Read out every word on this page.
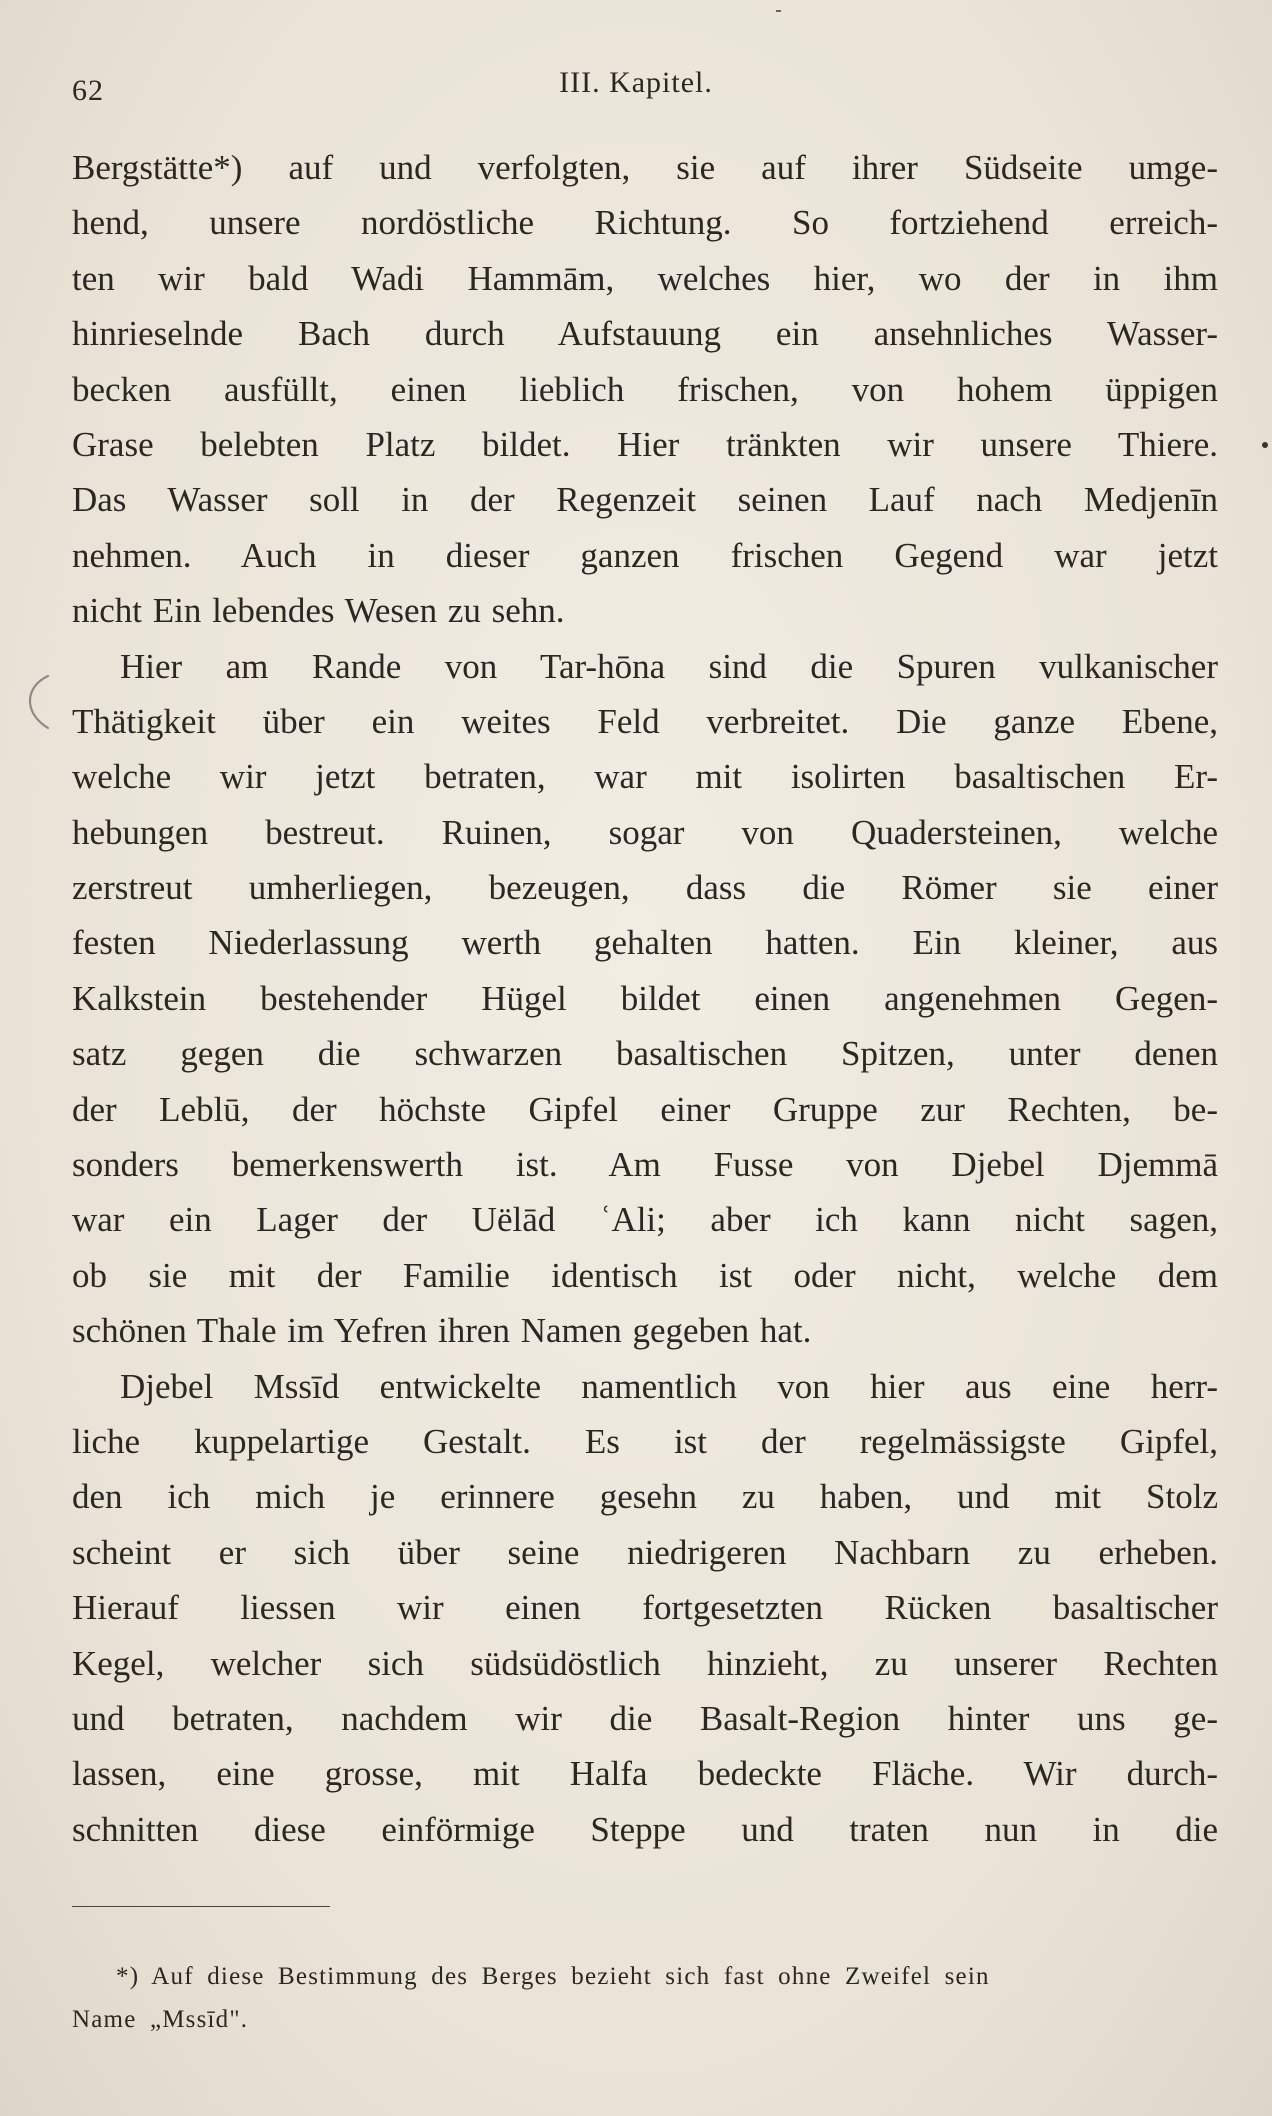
62	III. Kapitel.
Bergstätte*) auf und verfolgten, sie auf ihrer Südseite umge-
hend, unsere nordöstliche Richtung. So fortziehend erreich-
ten wir bald Wadi Hammām, welches hier, wo der in ihm
hinrieselnde Bach durch Aufstauung ein ansehnliches Wasser-
becken ausfüllt, einen lieblich frischen, von hohem üppigen
Grase belebten Platz bildet. Hier tränkten wir unsere Thiere.
Das Wasser soll in der Regenzeit seinen Lauf nach Medjenīn
nehmen. Auch in dieser ganzen frischen Gegend war jetzt
nicht Ein lebendes Wesen zu sehn.
Hier am Rande von Tar-hōna sind die Spuren vulkanischer
Thätigkeit über ein weites Feld verbreitet. Die ganze Ebene,
welche wir jetzt betraten, war mit isolirten basaltischen Er-
hebungen bestreut. Ruinen, sogar von Quadersteinen, welche
zerstreut umherliegen, bezeugen, dass die Römer sie einer
festen Niederlassung werth gehalten hatten. Ein kleiner, aus
Kalkstein bestehender Hügel bildet einen angenehmen Gegen-
satz gegen die schwarzen basaltischen Spitzen, unter denen
der Leblū, der höchste Gipfel einer Gruppe zur Rechten, be-
sonders bemerkenswerth ist. Am Fusse von Djebel Djemmā
war ein Lager der Uëlād ʿAli; aber ich kann nicht sagen,
ob sie mit der Familie identisch ist oder nicht, welche dem
schönen Thale im Yefren ihren Namen gegeben hat.
Djebel Mssīd entwickelte namentlich von hier aus eine herr-
liche kuppelartige Gestalt. Es ist der regelmässigste Gipfel,
den ich mich je erinnere gesehn zu haben, und mit Stolz
scheint er sich über seine niedrigeren Nachbarn zu erheben.
Hierauf liessen wir einen fortgesetzten Rücken basaltischer
Kegel, welcher sich südsüdöstlich hinzieht, zu unserer Rechten
und betraten, nachdem wir die Basalt-Region hinter uns ge-
lassen, eine grosse, mit Halfa bedeckte Fläche. Wir durch-
schnitten diese einförmige Steppe und traten nun in die
*) Auf diese Bestimmung des Berges bezieht sich fast ohne Zweifel sein
Name „Mssīd".
